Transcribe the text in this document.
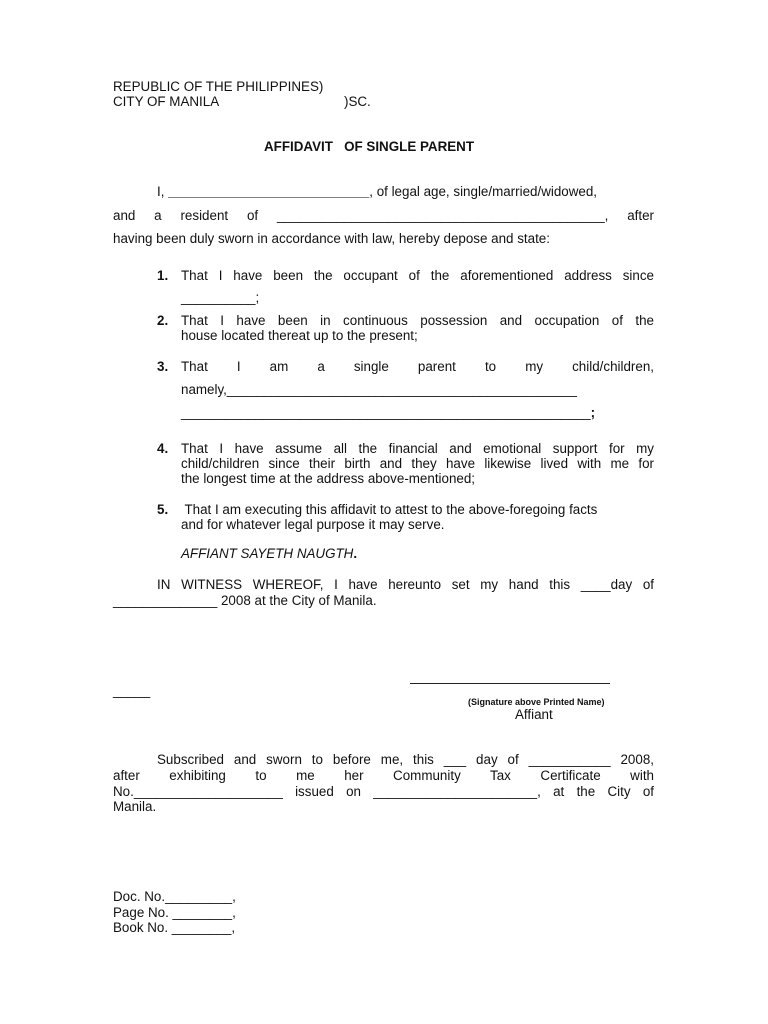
REPUBLIC OF THE PHILIPPINES)
CITY OF MANILA	)SC.
AFFIDAVIT   OF SINGLE PARENT
I, ___________________________, of legal age, single/married/widowed,
and a resident of ____________________________________________, after
having been duly sworn in accordance with law, hereby depose and state:
1. That I have been the occupant of the aforementioned address since
__________;
2. That I have been in continuous possession and occupation of the
house located thereat up to the present;
3. That I am a single parent to my child/children,
namely,_______________________________________________
_______________________________________________________;
4. That I have assume all the financial and emotional support for my
child/children since their birth and they have likewise lived with me for
the longest time at the address above-mentioned;
5. That I am executing this affidavit to attest to the above-foregoing facts
and for whatever legal purpose it may serve.
AFFIANT SAYETH NAUGTH.
IN WITNESS WHEREOF, I have hereunto set my hand this ____day of
______________ 2008 at the City of Manila.
_____
(Signature above Printed Name)
Affiant
Subscribed and sworn to before me, this ___ day of ___________ 2008,
after exhibiting to me her Community Tax Certificate with
No.____________________ issued on ______________________, at the City of
Manila.
Doc. No._________,
Page No. ________,
Book No. ________,
